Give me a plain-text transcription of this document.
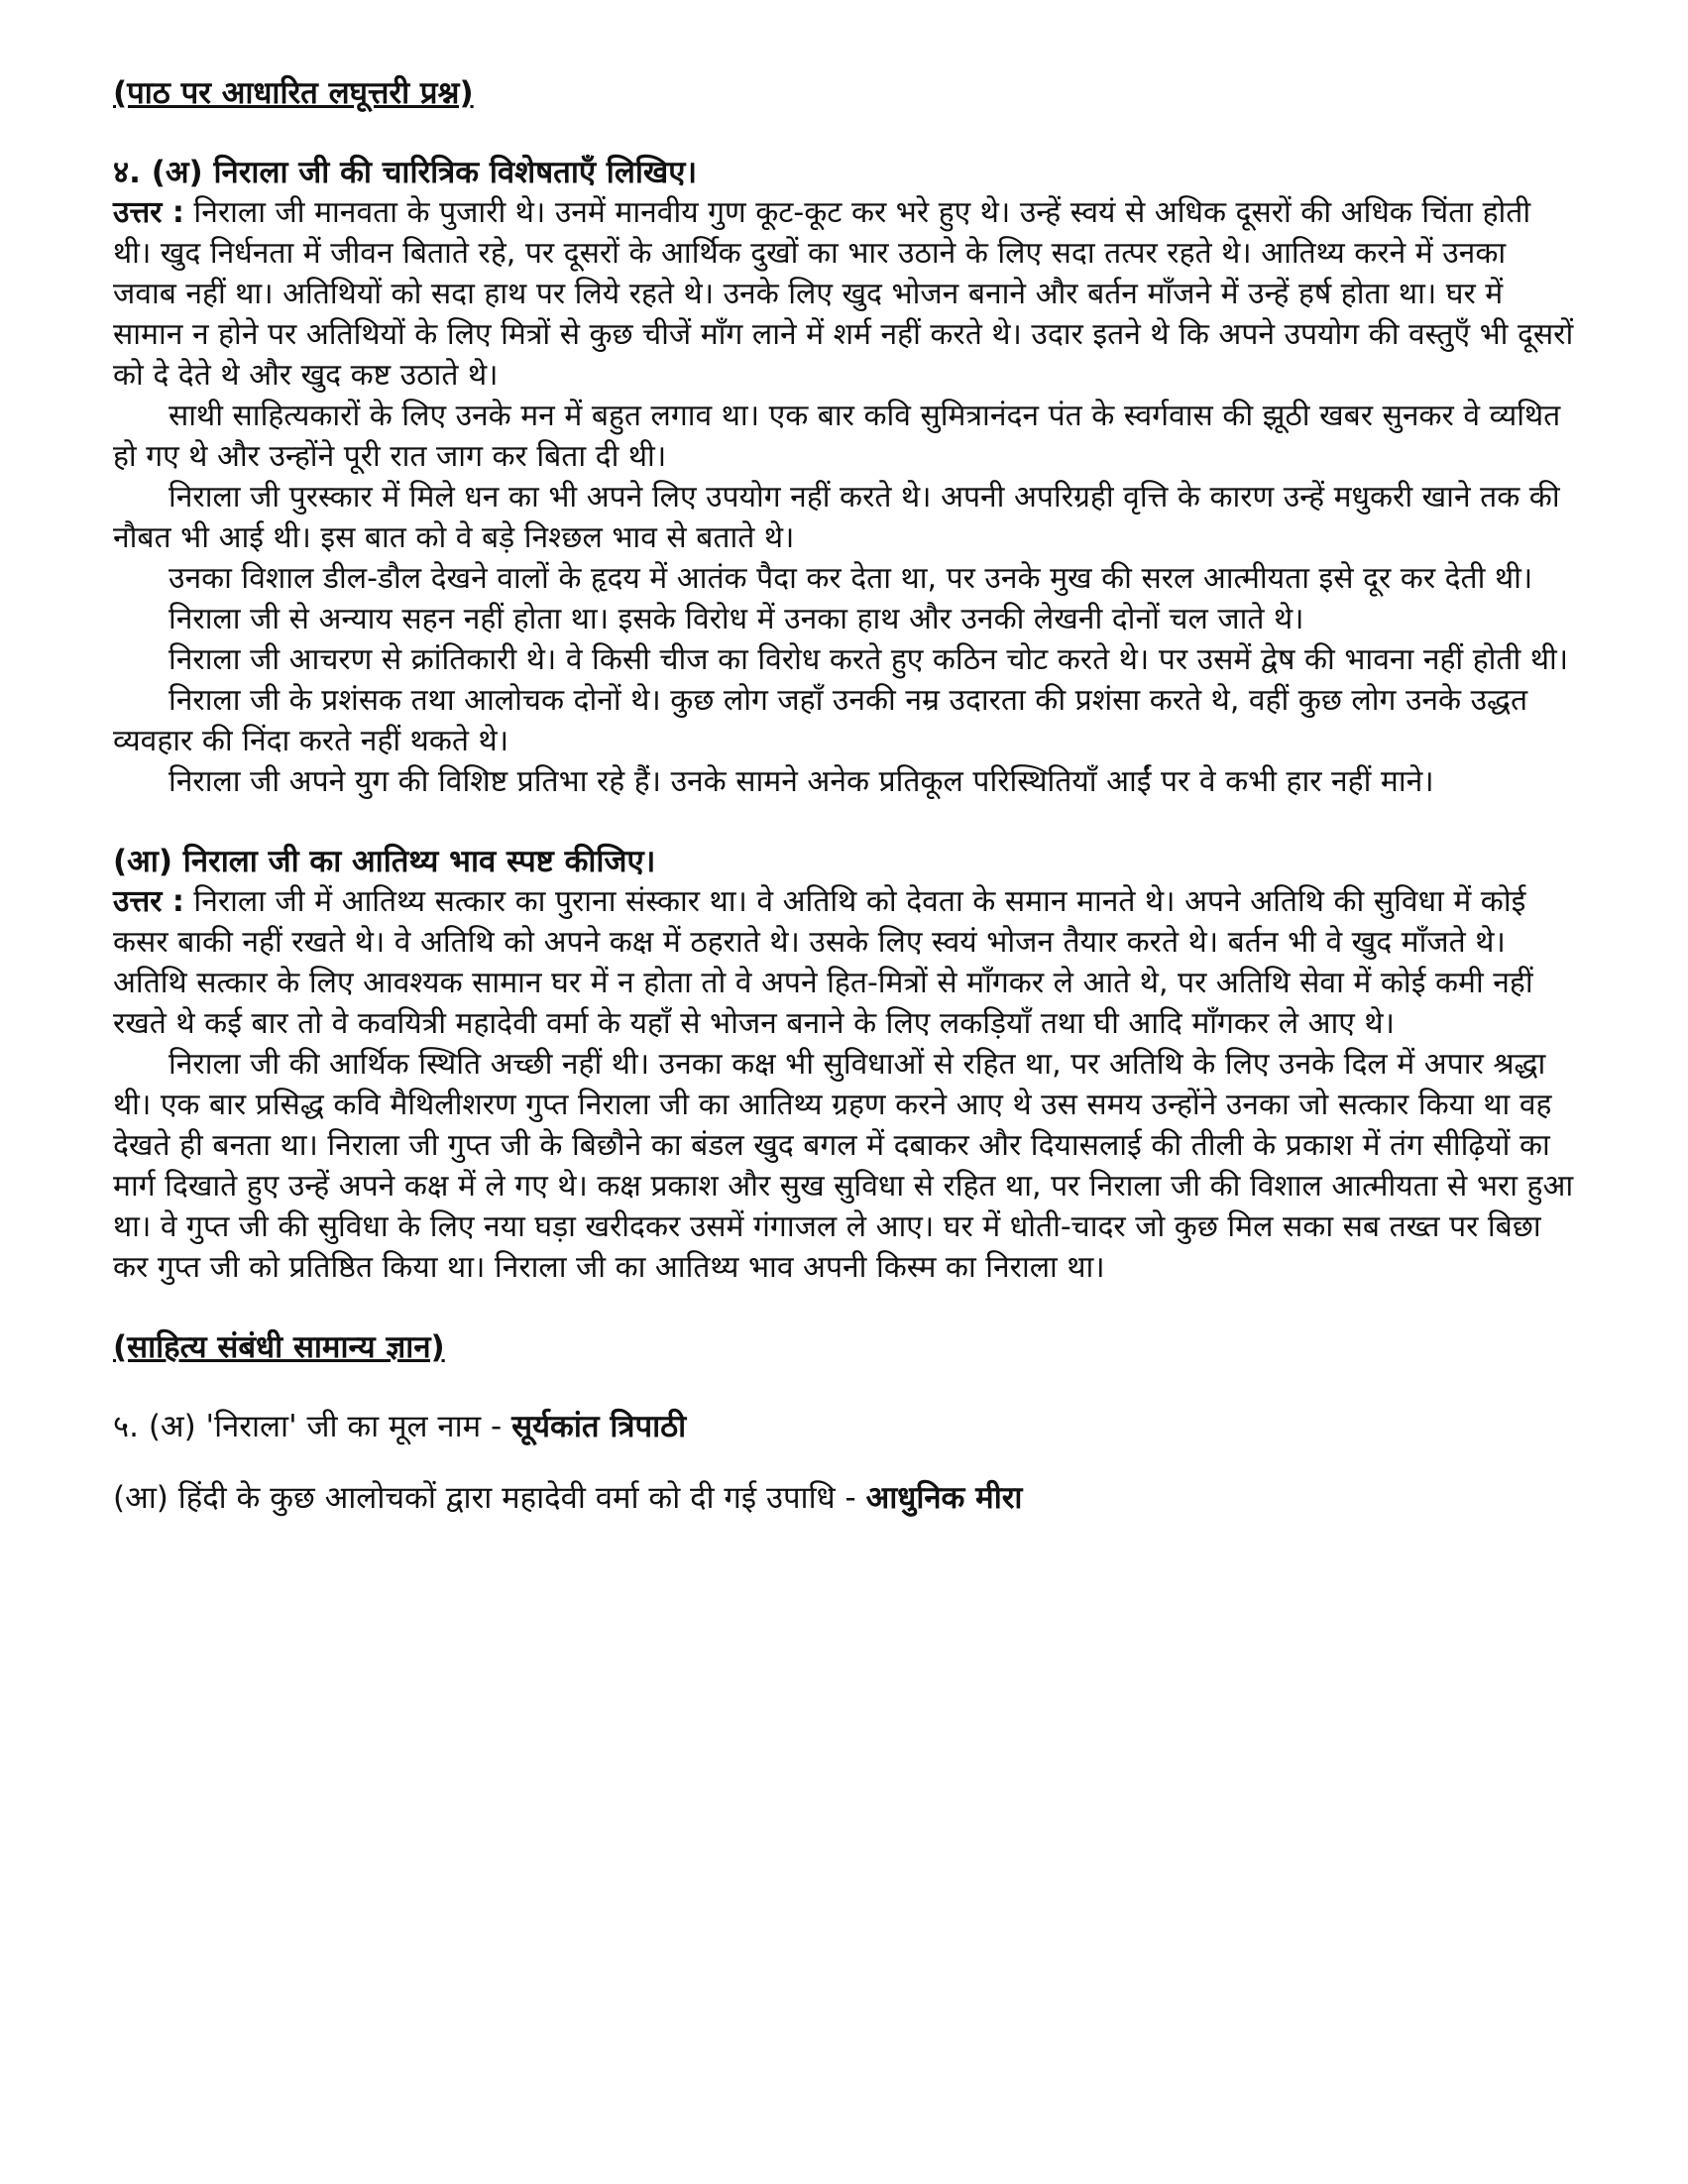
(पाठ पर आधारित लघूत्तरी प्रश्न)

४. (अ) निराला जी की चारित्रिक विशेषताएँ लिखिए।

उत्तर : निराला जी मानवता के पुजारी थे। उनमें मानवीय गुण कूट-कूट कर भरे हुए थे। उन्हें स्वयं से अधिक दूसरों की अधिक चिंता होती थी। खुद निर्धनता में जीवन बिताते रहे, पर दूसरों के आर्थिक दुखों का भार उठाने के लिए सदा तत्पर रहते थे। आतिथ्य करने में उनका जवाब नहीं था। अतिथियों को सदा हाथ पर लिये रहते थे। उनके लिए खुद भोजन बनाने और बर्तन माँजने में उन्हें हर्ष होता था। घर में सामान न होने पर अतिथियों के लिए मित्रों से कुछ चीजें माँग लाने में शर्म नहीं करते थे। उदार इतने थे कि अपने उपयोग की वस्तुएँ भी दूसरों को दे देते थे और खुद कष्ट उठाते थे।

साथी साहित्यकारों के लिए उनके मन में बहुत लगाव था। एक बार कवि सुमित्रानंदन पंत के स्वर्गवास की झूठी खबर सुनकर वे व्यथित हो गए थे और उन्होंने पूरी रात जाग कर बिता दी थी।

निराला जी पुरस्कार में मिले धन का भी अपने लिए उपयोग नहीं करते थे। अपनी अपरिग्रही वृत्ति के कारण उन्हें मधुकरी खाने तक की नौबत भी आई थी। इस बात को वे बड़े निश्छल भाव से बताते थे।

उनका विशाल डील-डौल देखने वालों के हृदय में आतंक पैदा कर देता था, पर उनके मुख की सरल आत्मीयता इसे दूर कर देती थी।

निराला जी से अन्याय सहन नहीं होता था। इसके विरोध में उनका हाथ और उनकी लेखनी दोनों चल जाते थे।

निराला जी आचरण से क्रांतिकारी थे। वे किसी चीज का विरोध करते हुए कठिन चोट करते थे। पर उसमें द्वेष की भावना नहीं होती थी।

निराला जी के प्रशंसक तथा आलोचक दोनों थे। कुछ लोग जहाँ उनकी नम्र उदारता की प्रशंसा करते थे, वहीं कुछ लोग उनके उद्धत व्यवहार की निंदा करते नहीं थकते थे।

निराला जी अपने युग की विशिष्ट प्रतिभा रहे हैं। उनके सामने अनेक प्रतिकूल परिस्थितियाँ आईं पर वे कभी हार नहीं माने।

(आ) निराला जी का आतिथ्य भाव स्पष्ट कीजिए।

उत्तर : निराला जी में आतिथ्य सत्कार का पुराना संस्कार था। वे अतिथि को देवता के समान मानते थे। अपने अतिथि की सुविधा में कोई कसर बाकी नहीं रखते थे। वे अतिथि को अपने कक्ष में ठहराते थे। उसके लिए स्वयं भोजन तैयार करते थे। बर्तन भी वे खुद माँजते थे। अतिथि सत्कार के लिए आवश्यक सामान घर में न होता तो वे अपने हित-मित्रों से माँगकर ले आते थे, पर अतिथि सेवा में कोई कमी नहीं रखते थे कई बार तो वे कवयित्री महादेवी वर्मा के यहाँ से भोजन बनाने के लिए लकड़ियाँ तथा घी आदि माँगकर ले आए थे।

निराला जी की आर्थिक स्थिति अच्छी नहीं थी। उनका कक्ष भी सुविधाओं से रहित था, पर अतिथि के लिए उनके दिल में अपार श्रद्धा थी। एक बार प्रसिद्ध कवि मैथिलीशरण गुप्त निराला जी का आतिथ्य ग्रहण करने आए थे उस समय उन्होंने उनका जो सत्कार किया था वह देखते ही बनता था। निराला जी गुप्त जी के बिछौने का बंडल खुद बगल में दबाकर और दियासलाई की तीली के प्रकाश में तंग सीढ़ियों का मार्ग दिखाते हुए उन्हें अपने कक्ष में ले गए थे। कक्ष प्रकाश और सुख सुविधा से रहित था, पर निराला जी की विशाल आत्मीयता से भरा हुआ था। वे गुप्त जी की सुविधा के लिए नया घड़ा खरीदकर उसमें गंगाजल ले आए। घर में धोती-चादर जो कुछ मिल सका सब तख्त पर बिछा कर गुप्त जी को प्रतिष्ठित किया था। निराला जी का आतिथ्य भाव अपनी किस्म का निराला था।

(साहित्य संबंधी सामान्य ज्ञान)

५. (अ) 'निराला' जी का मूल नाम - सूर्यकांत त्रिपाठी

(आ) हिंदी के कुछ आलोचकों द्वारा महादेवी वर्मा को दी गई उपाधि - आधुनिक मीरा
